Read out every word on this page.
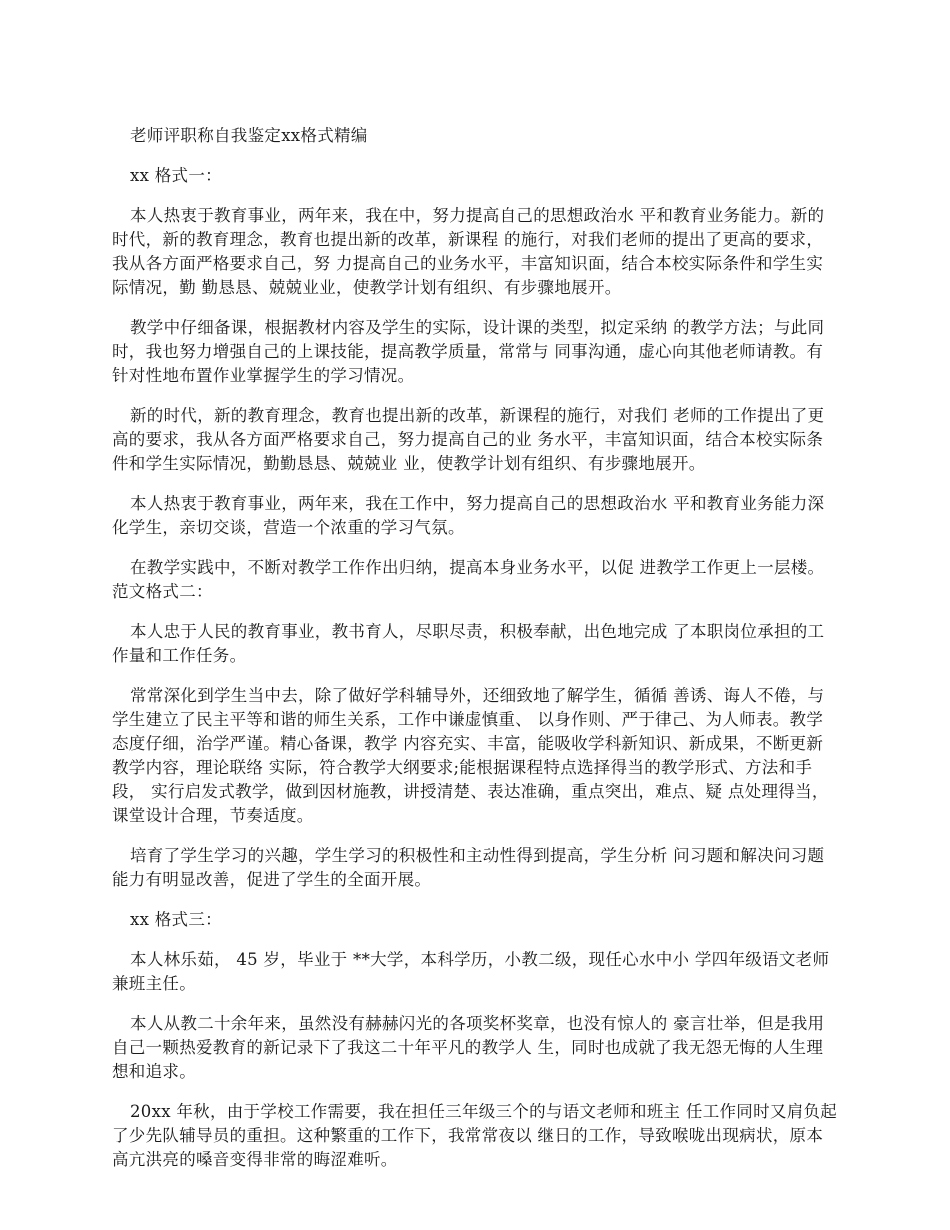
老师评职称自我鉴定xx格式精编

xx 格式一：

本人热衷于教育事业，两年来，我在中，努力提高自己的思想政治水 平和教育业务能力。新的时代，新的教育理念，教育也提出新的改革，新课程 的施行，对我们老师的提出了更高的要求，我从各方面严格要求自己，努 力提高自己的业务水平，丰富知识面，结合本校实际条件和学生实际情况，勤 勤恳恳、兢兢业业，使教学计划有组织、有步骤地展开。

教学中仔细备课，根据教材内容及学生的实际，设计课的类型，拟定采纳 的教学方法；与此同时，我也努力增强自己的上课技能，提高教学质量，常常与 同事沟通，虚心向其他老师请教。有针对性地布置作业掌握学生的学习情况。

新的时代，新的教育理念，教育也提出新的改革，新课程的施行，对我们 老师的工作提出了更高的要求，我从各方面严格要求自己，努力提高自己的业 务水平，丰富知识面，结合本校实际条件和学生实际情况，勤勤恳恳、兢兢业 业，使教学计划有组织、有步骤地展开。

本人热衷于教育事业，两年来，我在工作中，努力提高自己的思想政治水 平和教育业务能力深化学生，亲切交谈，营造一个浓重的学习气氛。

在教学实践中，不断对教学工作作出归纳，提高本身业务水平，以促 进教学工作更上一层楼。范文格式二：

本人忠于人民的教育事业，教书育人，尽职尽责，积极奉献，出色地完成 了本职岗位承担的工作量和工作任务。

常常深化到学生当中去，除了做好学科辅导外，还细致地了解学生，循循 善诱、诲人不倦，与学生建立了民主平等和谐的师生关系，工作中谦虚慎重、 以身作则、严于律己、为人师表。教学态度仔细，治学严谨。精心备课，教学 内容充实、丰富，能吸收学科新知识、新成果，不断更新教学内容，理论联络 实际，符合教学大纲要求;能根据课程特点选择得当的教学形式、方法和手段， 实行启发式教学，做到因材施教，讲授清楚、表达准确，重点突出，难点、疑 点处理得当，课堂设计合理，节奏适度。

培育了学生学习的兴趣，学生学习的积极性和主动性得到提高，学生分析 问习题和解决问习题能力有明显改善，促进了学生的全面开展。

xx 格式三：

本人林乐茹， 45 岁，毕业于 **大学，本科学历，小教二级，现任心水中小 学四年级语文老师兼班主任。

本人从教二十余年来，虽然没有赫赫闪光的各项奖杯奖章，也没有惊人的 豪言壮举，但是我用自己一颗热爱教育的新记录下了我这二十年平凡的教学人 生，同时也成就了我无怨无悔的人生理想和追求。

20xx 年秋，由于学校工作需要，我在担任三年级三个的与语文老师和班主 任工作同时又肩负起了少先队辅导员的重担。这种繁重的工作下，我常常夜以 继日的工作，导致喉咙出现病状，原本高亢洪亮的嗓音变得非常的晦涩难听。
